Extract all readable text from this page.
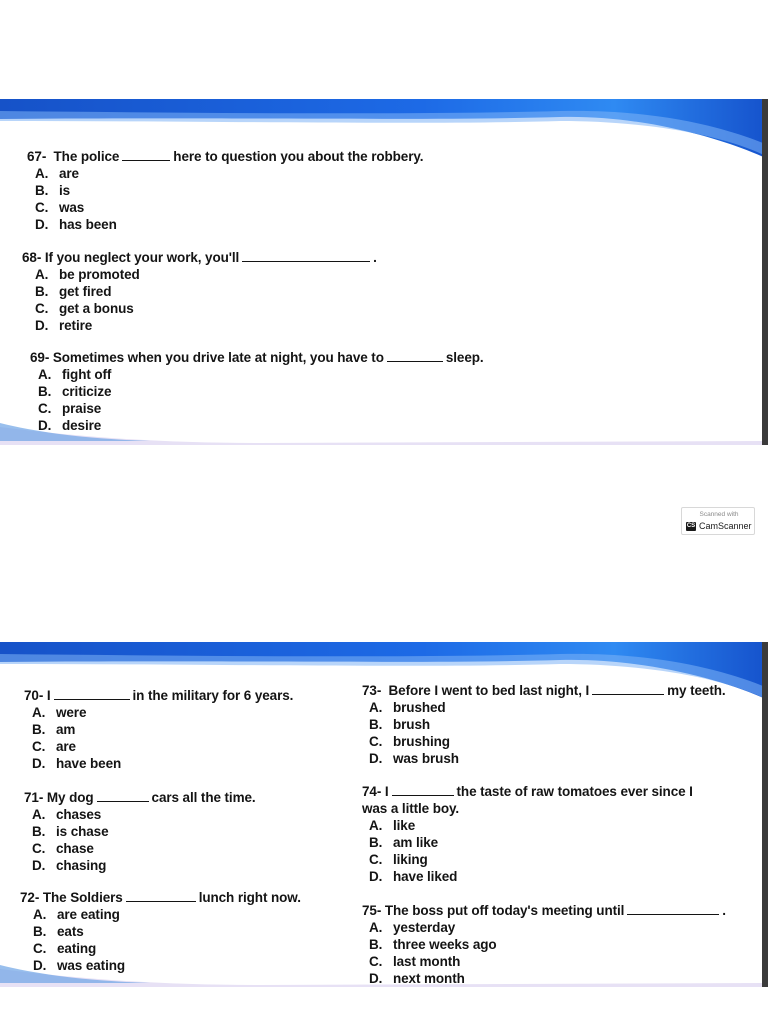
67- The police	here to question you about the robbery.
A. are
B. is
C. was
D. has been
68- If you neglect your work, you'll	.
A. be promoted
B. get fired
C. get a bonus
D. retire
69- Sometimes when you drive late at night, you have to	sleep.
A. fight off
B. criticize
C. praise
D. desire
Scanned with
CS CamScanner
70- I	in the military for 6 years.
A. were
B. am
C. are
D. have been
71- My dog	cars all the time.
A. chases
B. is chase
C. chase
D. chasing
72- The Soldiers	lunch right now.
A. are eating
B. eats
C. eating
D. was eating
73- Before I went to bed last night, I	my teeth.
A. brushed
B. brush
C. brushing
D. was brush
74- I	the taste of raw tomatoes ever since I
was a little boy.
A. like
B. am like
C. liking
D. have liked
75- The boss put off today's meeting until	.
A. yesterday
B. three weeks ago
C. last month
D. next month
